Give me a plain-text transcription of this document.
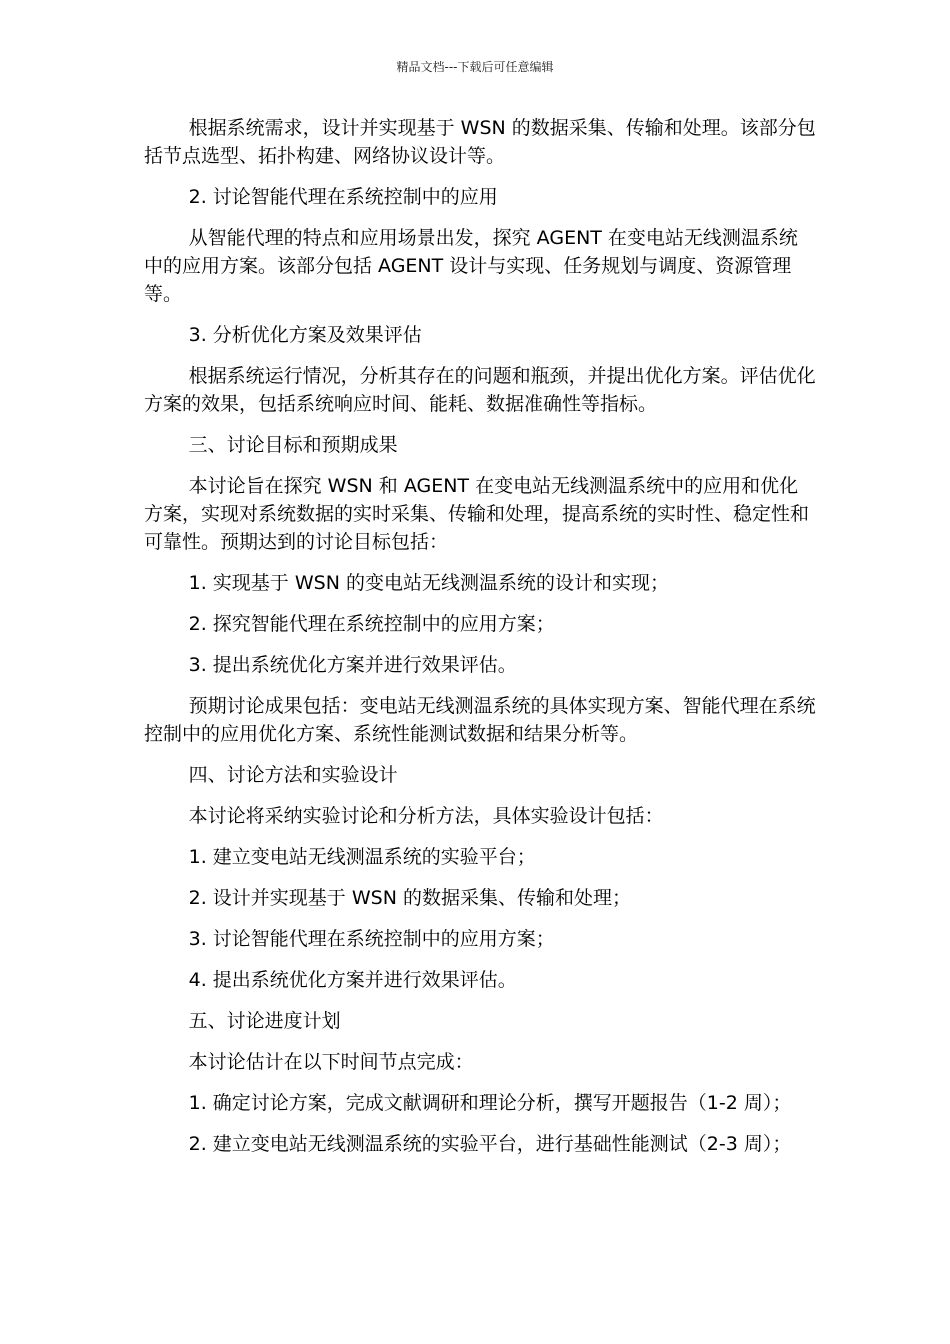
精品文档---下载后可任意编辑

根据系统需求，设计并实现基于 WSN 的数据采集、传输和处理。该部分包括节点选型、拓扑构建、网络协议设计等。

2. 讨论智能代理在系统控制中的应用

从智能代理的特点和应用场景出发，探究 AGENT 在变电站无线测温系统中的应用方案。该部分包括 AGENT 设计与实现、任务规划与调度、资源管理等。

3. 分析优化方案及效果评估

根据系统运行情况，分析其存在的问题和瓶颈，并提出优化方案。评估优化方案的效果，包括系统响应时间、能耗、数据准确性等指标。

三、讨论目标和预期成果

本讨论旨在探究 WSN 和 AGENT 在变电站无线测温系统中的应用和优化方案，实现对系统数据的实时采集、传输和处理，提高系统的实时性、稳定性和可靠性。预期达到的讨论目标包括：

1. 实现基于 WSN 的变电站无线测温系统的设计和实现；

2. 探究智能代理在系统控制中的应用方案；

3. 提出系统优化方案并进行效果评估。

预期讨论成果包括：变电站无线测温系统的具体实现方案、智能代理在系统控制中的应用优化方案、系统性能测试数据和结果分析等。

四、讨论方法和实验设计

本讨论将采纳实验讨论和分析方法，具体实验设计包括：

1. 建立变电站无线测温系统的实验平台；

2. 设计并实现基于 WSN 的数据采集、传输和处理；

3. 讨论智能代理在系统控制中的应用方案；

4. 提出系统优化方案并进行效果评估。

五、讨论进度计划

本讨论估计在以下时间节点完成：

1. 确定讨论方案，完成文献调研和理论分析，撰写开题报告（1-2 周）；

2. 建立变电站无线测温系统的实验平台，进行基础性能测试（2-3 周）；
